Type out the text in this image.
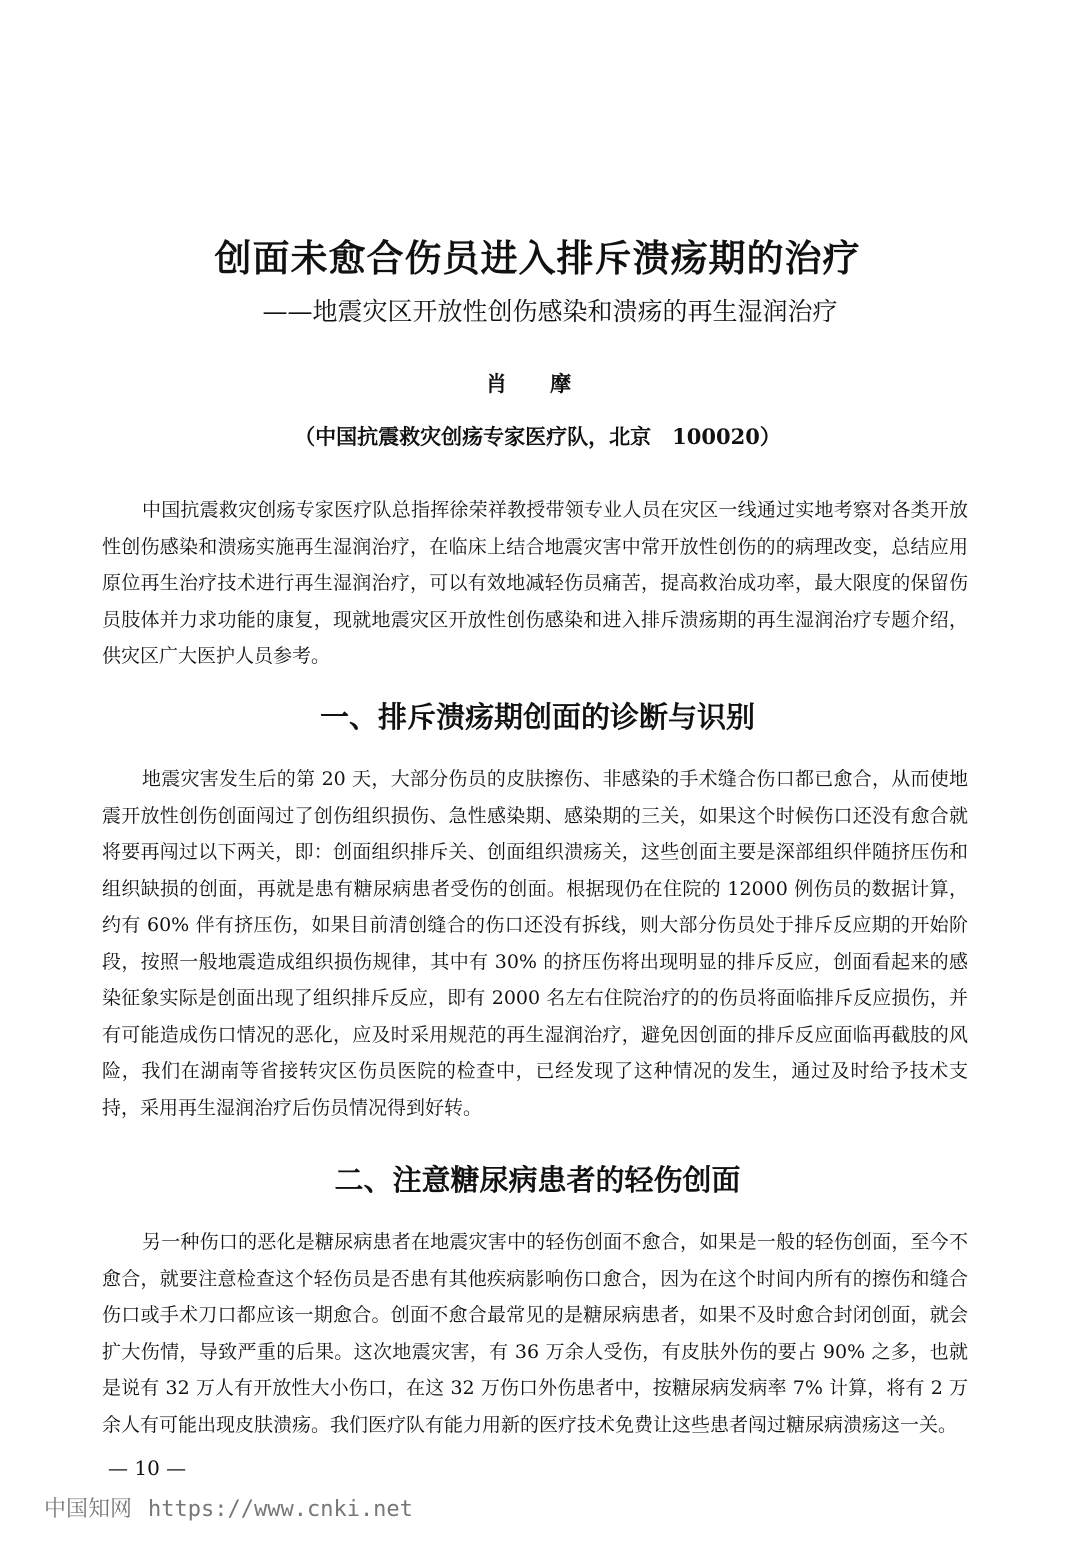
创面未愈合伤员进入排斥溃疡期的治疗
——地震灾区开放性创伤感染和溃疡的再生湿润治疗
肖 摩
（中国抗震救灾创疡专家医疗队，北京　100020）

中国抗震救灾创疡专家医疗队总指挥徐荣祥教授带领专业人员在灾区一线通过实地考察对各类开放性创伤感染和溃疡实施再生湿润治疗，在临床上结合地震灾害中常开放性创伤的的病理改变，总结应用原位再生治疗技术进行再生湿润治疗，可以有效地减轻伤员痛苦，提高救治成功率，最大限度的保留伤员肢体并力求功能的康复，现就地震灾区开放性创伤感染和进入排斥溃疡期的再生湿润治疗专题介绍，供灾区广大医护人员参考。

一、排斥溃疡期创面的诊断与识别

地震灾害发生后的第 20 天，大部分伤员的皮肤擦伤、非感染的手术缝合伤口都已愈合，从而使地震开放性创伤创面闯过了创伤组织损伤、急性感染期、感染期的三关，如果这个时候伤口还没有愈合就将要再闯过以下两关，即：创面组织排斥关、创面组织溃疡关，这些创面主要是深部组织伴随挤压伤和组织缺损的创面，再就是患有糖尿病患者受伤的创面。根据现仍在住院的 12000 例伤员的数据计算，约有 60% 伴有挤压伤，如果目前清创缝合的伤口还没有拆线，则大部分伤员处于排斥反应期的开始阶段，按照一般地震造成组织损伤规律，其中有 30% 的挤压伤将出现明显的排斥反应，创面看起来的感染征象实际是创面出现了组织排斥反应，即有 2000 名左右住院治疗的的伤员将面临排斥反应损伤，并有可能造成伤口情况的恶化，应及时采用规范的再生湿润治疗，避免因创面的排斥反应面临再截肢的风险，我们在湖南等省接转灾区伤员医院的检查中，已经发现了这种情况的发生，通过及时给予技术支持，采用再生湿润治疗后伤员情况得到好转。

二、注意糖尿病患者的轻伤创面

另一种伤口的恶化是糖尿病患者在地震灾害中的轻伤创面不愈合，如果是一般的轻伤创面，至今不愈合，就要注意检查这个轻伤员是否患有其他疾病影响伤口愈合，因为在这个时间内所有的擦伤和缝合伤口或手术刀口都应该一期愈合。创面不愈合最常见的是糖尿病患者，如果不及时愈合封闭创面，就会扩大伤情，导致严重的后果。这次地震灾害，有 36 万余人受伤，有皮肤外伤的要占 90% 之多，也就是说有 32 万人有开放性大小伤口，在这 32 万伤口外伤患者中，按糖尿病发病率 7% 计算，将有 2 万余人有可能出现皮肤溃疡。我们医疗队有能力用新的医疗技术免费让这些患者闯过糖尿病溃疡这一关。

— 10 —
中国知网 https://www.cnki.net
